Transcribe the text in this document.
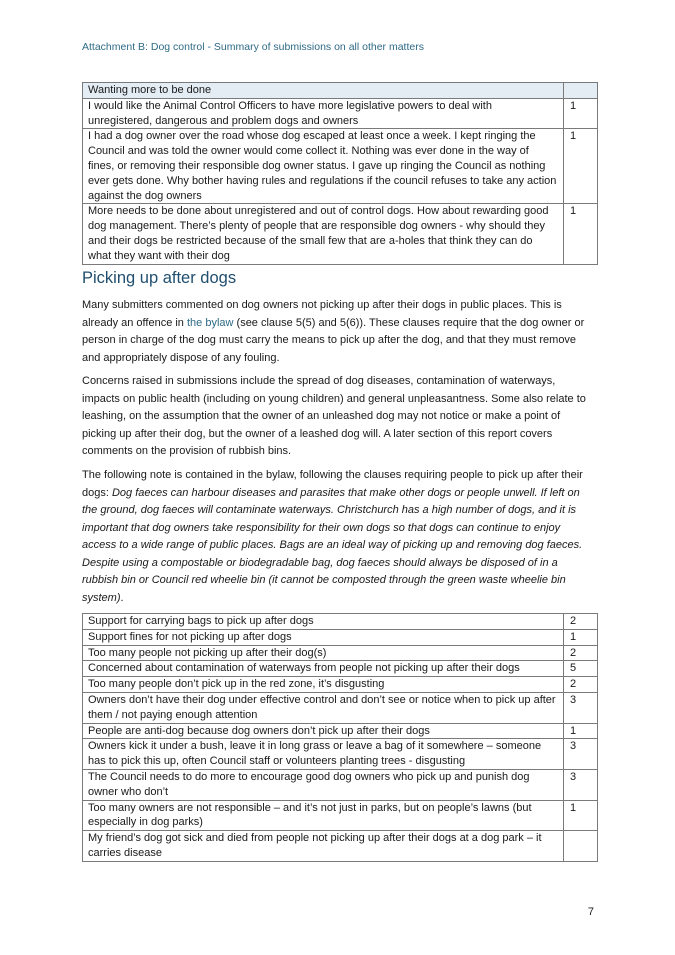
Attachment B: Dog control - Summary of submissions on all other matters
Wanting more to be done	
I would like the Animal Control Officers to have more legislative powers to deal with unregistered, dangerous and problem dogs and owners	1
I had a dog owner over the road whose dog escaped at least once a week. I kept ringing the Council and was told the owner would come collect it. Nothing was ever done in the way of fines, or removing their responsible dog owner status. I gave up ringing the Council as nothing ever gets done. Why bother having rules and regulations if the council refuses to take any action against the dog owners	1
More needs to be done about unregistered and out of control dogs. How about rewarding good dog management. There’s plenty of people that are responsible dog owners - why should they and their dogs be restricted because of the small few that are a-holes that think they can do what they want with their dog	1
Picking up after dogs

Many submitters commented on dog owners not picking up after their dogs in public places. This is already an offence in the bylaw (see clause 5(5) and 5(6)). These clauses require that the dog owner or person in charge of the dog must carry the means to pick up after the dog, and that they must remove and appropriately dispose of any fouling.

Concerns raised in submissions include the spread of dog diseases, contamination of waterways, impacts on public health (including on young children) and general unpleasantness. Some also relate to leashing, on the assumption that the owner of an unleashed dog may not notice or make a point of picking up after their dog, but the owner of a leashed dog will. A later section of this report covers comments on the provision of rubbish bins.

The following note is contained in the bylaw, following the clauses requiring people to pick up after their dogs: Dog faeces can harbour diseases and parasites that make other dogs or people unwell. If left on the ground, dog faeces will contaminate waterways. Christchurch has a high number of dogs, and it is important that dog owners take responsibility for their own dogs so that dogs can continue to enjoy access to a wide range of public places. Bags are an ideal way of picking up and removing dog faeces. Despite using a compostable or biodegradable bag, dog faeces should always be disposed of in a rubbish bin or Council red wheelie bin (it cannot be composted through the green waste wheelie bin system).

Support for carrying bags to pick up after dogs	2
Support fines for not picking up after dogs	1
Too many people not picking up after their dog(s)	2
Concerned about contamination of waterways from people not picking up after their dogs	5
Too many people don’t pick up in the red zone, it’s disgusting	2
Owners don’t have their dog under effective control and don’t see or notice when to pick up after them / not paying enough attention	3
People are anti-dog because dog owners don’t pick up after their dogs	1
Owners kick it under a bush, leave it in long grass or leave a bag of it somewhere – someone has to pick this up, often Council staff or volunteers planting trees - disgusting	3
The Council needs to do more to encourage good dog owners who pick up and punish dog owner who don’t	3
Too many owners are not responsible – and it’s not just in parks, but on people’s lawns (but especially in dog parks)	1
My friend’s dog got sick and died from people not picking up after their dogs at a dog park – it carries disease	
7
